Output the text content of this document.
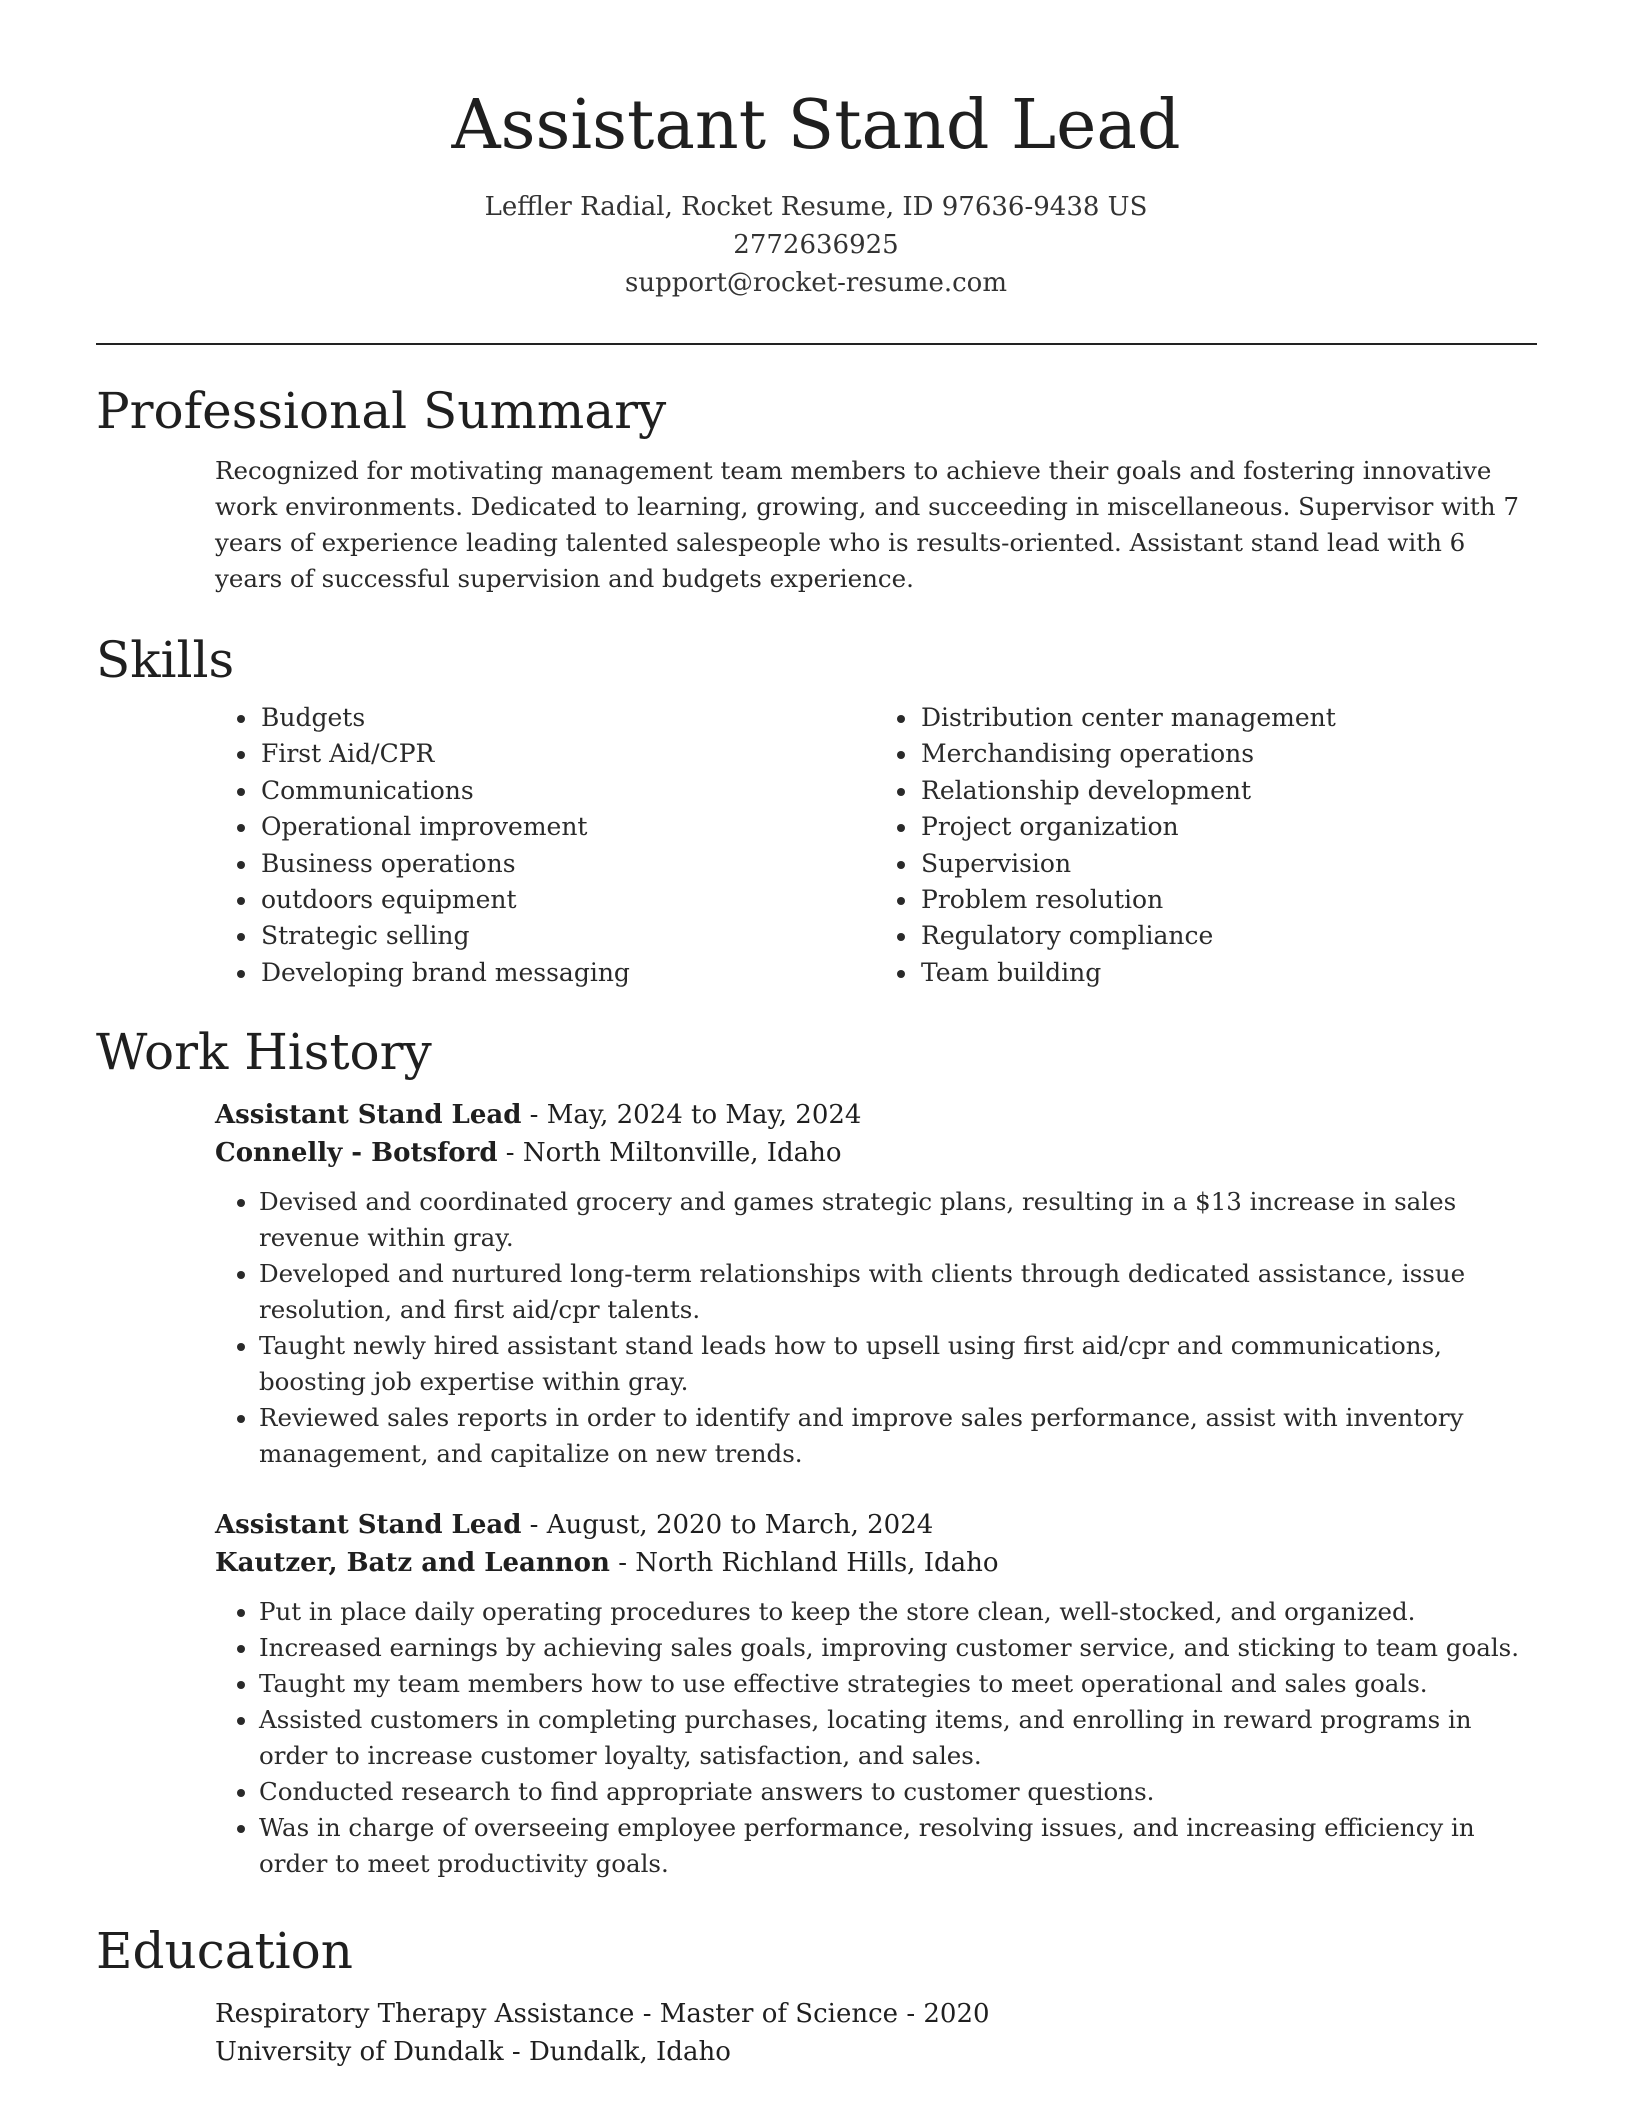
Assistant Stand Lead
Leffler Radial, Rocket Resume, ID 97636-9438 US
2772636925
support@rocket-resume.com
Professional Summary

Recognized for motivating management team members to achieve their goals and fostering innovative work environments. Dedicated to learning, growing, and succeeding in miscellaneous. Supervisor with 7 years of experience leading talented salespeople who is results-oriented. Assistant stand lead with 6 years of successful supervision and budgets experience.

Skills
• Budgets
• First Aid/CPR
• Communications
• Operational improvement
• Business operations
• outdoors equipment
• Strategic selling
• Developing brand messaging
• Distribution center management
• Merchandising operations
• Relationship development
• Project organization
• Supervision
• Problem resolution
• Regulatory compliance
• Team building
Work History
Assistant Stand Lead - May, 2024 to May, 2024
Connelly - Botsford - North Miltonville, Idaho
• Devised and coordinated grocery and games strategic plans, resulting in a $13 increase in sales revenue within gray.
• Developed and nurtured long-term relationships with clients through dedicated assistance, issue resolution, and first aid/cpr talents.
• Taught newly hired assistant stand leads how to upsell using first aid/cpr and communications, boosting job expertise within gray.
• Reviewed sales reports in order to identify and improve sales performance, assist with inventory management, and capitalize on new trends.
Assistant Stand Lead - August, 2020 to March, 2024
Kautzer, Batz and Leannon - North Richland Hills, Idaho
• Put in place daily operating procedures to keep the store clean, well-stocked, and organized.
• Increased earnings by achieving sales goals, improving customer service, and sticking to team goals.
• Taught my team members how to use effective strategies to meet operational and sales goals.
• Assisted customers in completing purchases, locating items, and enrolling in reward programs in order to increase customer loyalty, satisfaction, and sales.
• Conducted research to find appropriate answers to customer questions.
• Was in charge of overseeing employee performance, resolving issues, and increasing efficiency in order to meet productivity goals.
Education
Respiratory Therapy Assistance - Master of Science - 2020
University of Dundalk - Dundalk, Idaho
